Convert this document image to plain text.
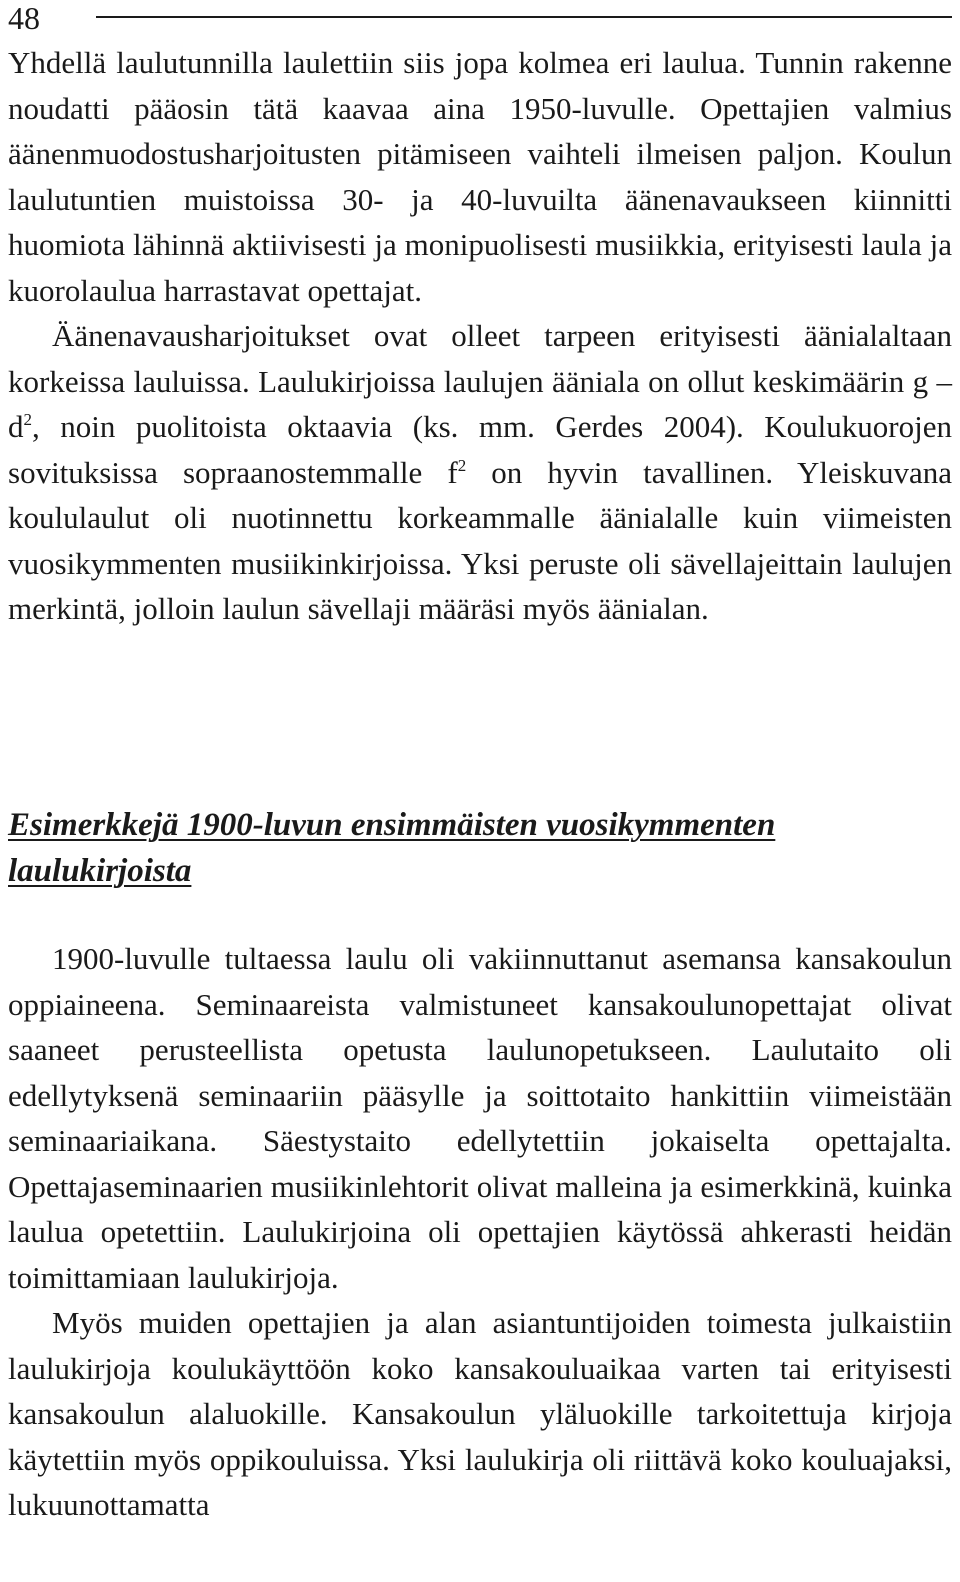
48

Yhdellä laulutunnilla laulettiin siis jopa kolmea eri laulua. Tunnin rakenne noudatti pääosin tätä kaavaa aina 1950-luvulle. Opettajien valmius äänenmuodostusharjoitusten pitämiseen vaihteli ilmeisen paljon. Koulun laulutuntien muistoissa 30- ja 40-luvuilta äänenavaukseen kiinnitti huomiota lähinnä aktiivisesti ja monipuolisesti musiikkia, erityisesti laula ja kuorolaulua harrastavat opettajat.

Äänenavausharjoitukset ovat olleet tarpeen erityisesti äänialaltaan korkeissa lauluissa. Laulukirjoissa laulujen ääniala on ollut keskimäärin g – $d^2$, noin puolitoista oktaavia (ks. mm. Gerdes 2004). Koulukuorojen sovituksissa sopraanostemmalle $f^2$ on hyvin tavallinen. Yleiskuvana koululaulut oli nuotinnettu korkeammalle äänialalle kuin viimeisten vuosikymmenten musiikinkirjoissa. Yksi peruste oli sävellajeittain laulujen merkintä, jolloin laulun sävellaji määräsi myös äänialan.

Esimerkkejä 1900-luvun ensimmäisten vuosikymmenten laulukirjoista

1900-luvulle tultaessa laulu oli vakiinnuttanut asemansa kansakoulun oppiaineena. Seminaareista valmistuneet kansakoulunopettajat olivat saaneet perusteellista opetusta laulunopetukseen. Laulutaito oli edellytyksenä seminaariin pääsylle ja soittotaito hankittiin viimeistään seminaariaikana. Säestystaito edellytettiin jokaiselta opettajalta. Opettajaseminaarien musiikinlehtorit olivat malleina ja esimerkkinä, kuinka laulua opetettiin. Laulukirjoina oli opettajien käytössä ahkerasti heidän toimittamiaan laulukirjoja.

Myös muiden opettajien ja alan asiantuntijoiden toimesta julkaistiin laulukirjoja koulukäyttöön koko kansakouluaikaa varten tai erityisesti kansakoulun alaluokille. Kansakoulun yläluokille tarkoitettuja kirjoja käytettiin myös oppikouluissa. Yksi laulukirja oli riittävä koko kouluajaksi, lukuunottamatta
